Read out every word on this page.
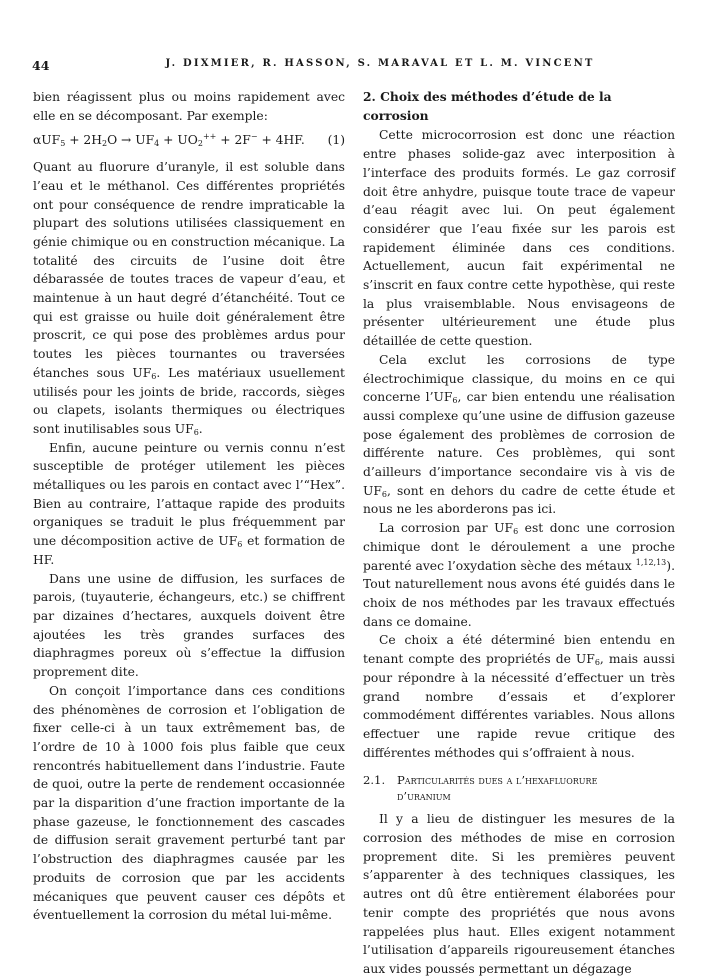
44	J. DIXMIER, R. HASSON, S. MARAVAL ET L. M. VINCENT

bien réagissent plus ou moins rapidement avec elle en se décomposant. Par exemple:

$\alpha UF_5 + 2H_2O \to UF_4 + UO_2^{++} + 2F^- + 4HF$. (1)

Quant au fluorure d’uranyle, il est soluble dans l’eau et le méthanol. Ces différentes propriétés ont pour conséquence de rendre impraticable la plupart des solutions utilisées classiquement en génie chimique ou en construction mécanique. La totalité des circuits de l’usine doit être débarassée de toutes traces de vapeur d’eau, et maintenue à un haut degré d’étanchéité. Tout ce qui est graisse ou huile doit généralement être proscrit, ce qui pose des problèmes ardus pour toutes les pièces tournantes ou traversées étanches sous $UF_6$. Les matériaux usuellement utilisés pour les joints de bride, raccords, sièges ou clapets, isolants thermiques ou électriques sont inutilisables sous $UF_6$.

Enfin, aucune peinture ou vernis connu n’est susceptible de protéger utilement les pièces métalliques ou les parois en contact avec l’“Hex”. Bien au contraire, l’attaque rapide des produits organiques se traduit le plus fréquemment par une décomposition active de $UF_6$ et formation de HF.

Dans une usine de diffusion, les surfaces de parois, (tuyauterie, échangeurs, etc.) se chiffrent par dizaines d’hectares, auxquels doivent être ajoutées les très grandes surfaces des diaphragmes poreux où s’effectue la diffusion proprement dite.

On conçoit l’importance dans ces conditions des phénomènes de corrosion et l’obligation de fixer celle-ci à un taux extrêmement bas, de l’ordre de 10 à 1000 fois plus faible que ceux rencontrés habituellement dans l’industrie. Faute de quoi, outre la perte de rendement occasionnée par la disparition d’une fraction importante de la phase gazeuse, le fonctionnement des cascades de diffusion serait gravement perturbé tant par l’obstruction des diaphragmes causée par les produits de corrosion que par les accidents mécaniques que peuvent causer ces dépôts et éventuellement la corrosion du métal lui-même.

2. Choix des méthodes d’étude de la corrosion

Cette microcorrosion est donc une réaction entre phases solide-gaz avec interposition à l’interface des produits formés. Le gaz corrosif doit être anhydre, puisque toute trace de vapeur d’eau réagit avec lui. On peut également considérer que l’eau fixée sur les parois est rapidement éliminée dans ces conditions. Actuellement, aucun fait expérimental ne s’inscrit en faux contre cette hypothèse, qui reste la plus vraisemblable. Nous envisageons de présenter ultérieurement une étude plus détaillée de cette question.

Cela exclut les corrosions de type électrochimique classique, du moins en ce qui concerne $l’UF_6$, car bien entendu une réalisation aussi complexe qu’une usine de diffusion gazeuse pose également des problèmes de corrosion de différente nature. Ces problèmes, qui sont d’ailleurs d’importance secondaire vis à vis de $UF_6$, sont en dehors du cadre de cette étude et nous ne les aborderons pas ici.

La corrosion par $UF_6$ est donc une corrosion chimique dont le déroulement a une proche parenté avec l’oxydation sèche des métaux $^{1,12,13}$). Tout naturellement nous avons été guidés dans le choix de nos méthodes par les travaux effectués dans ce domaine.

Ce choix a été déterminé bien entendu en tenant compte des propriétés de $UF_6$, mais aussi pour répondre à la nécessité d’effectuer un très grand nombre d’essais et d’explorer commodément différentes variables. Nous allons effectuer une rapide revue critique des différentes méthodes qui s’offraient à nous.

2.1. Particularités dues a l’hexafluorure
d’uranium

Il y a lieu de distinguer les mesures de la corrosion des méthodes de mise en corrosion proprement dite. Si les premières peuvent s’apparenter à des techniques classiques, les autres ont dû être entièrement élaborées pour tenir compte des propriétés que nous avons rappelées plus haut. Elles exigent notamment l’utilisation d’appareils rigoureusement étanches aux vides poussés permettant un dégazage
